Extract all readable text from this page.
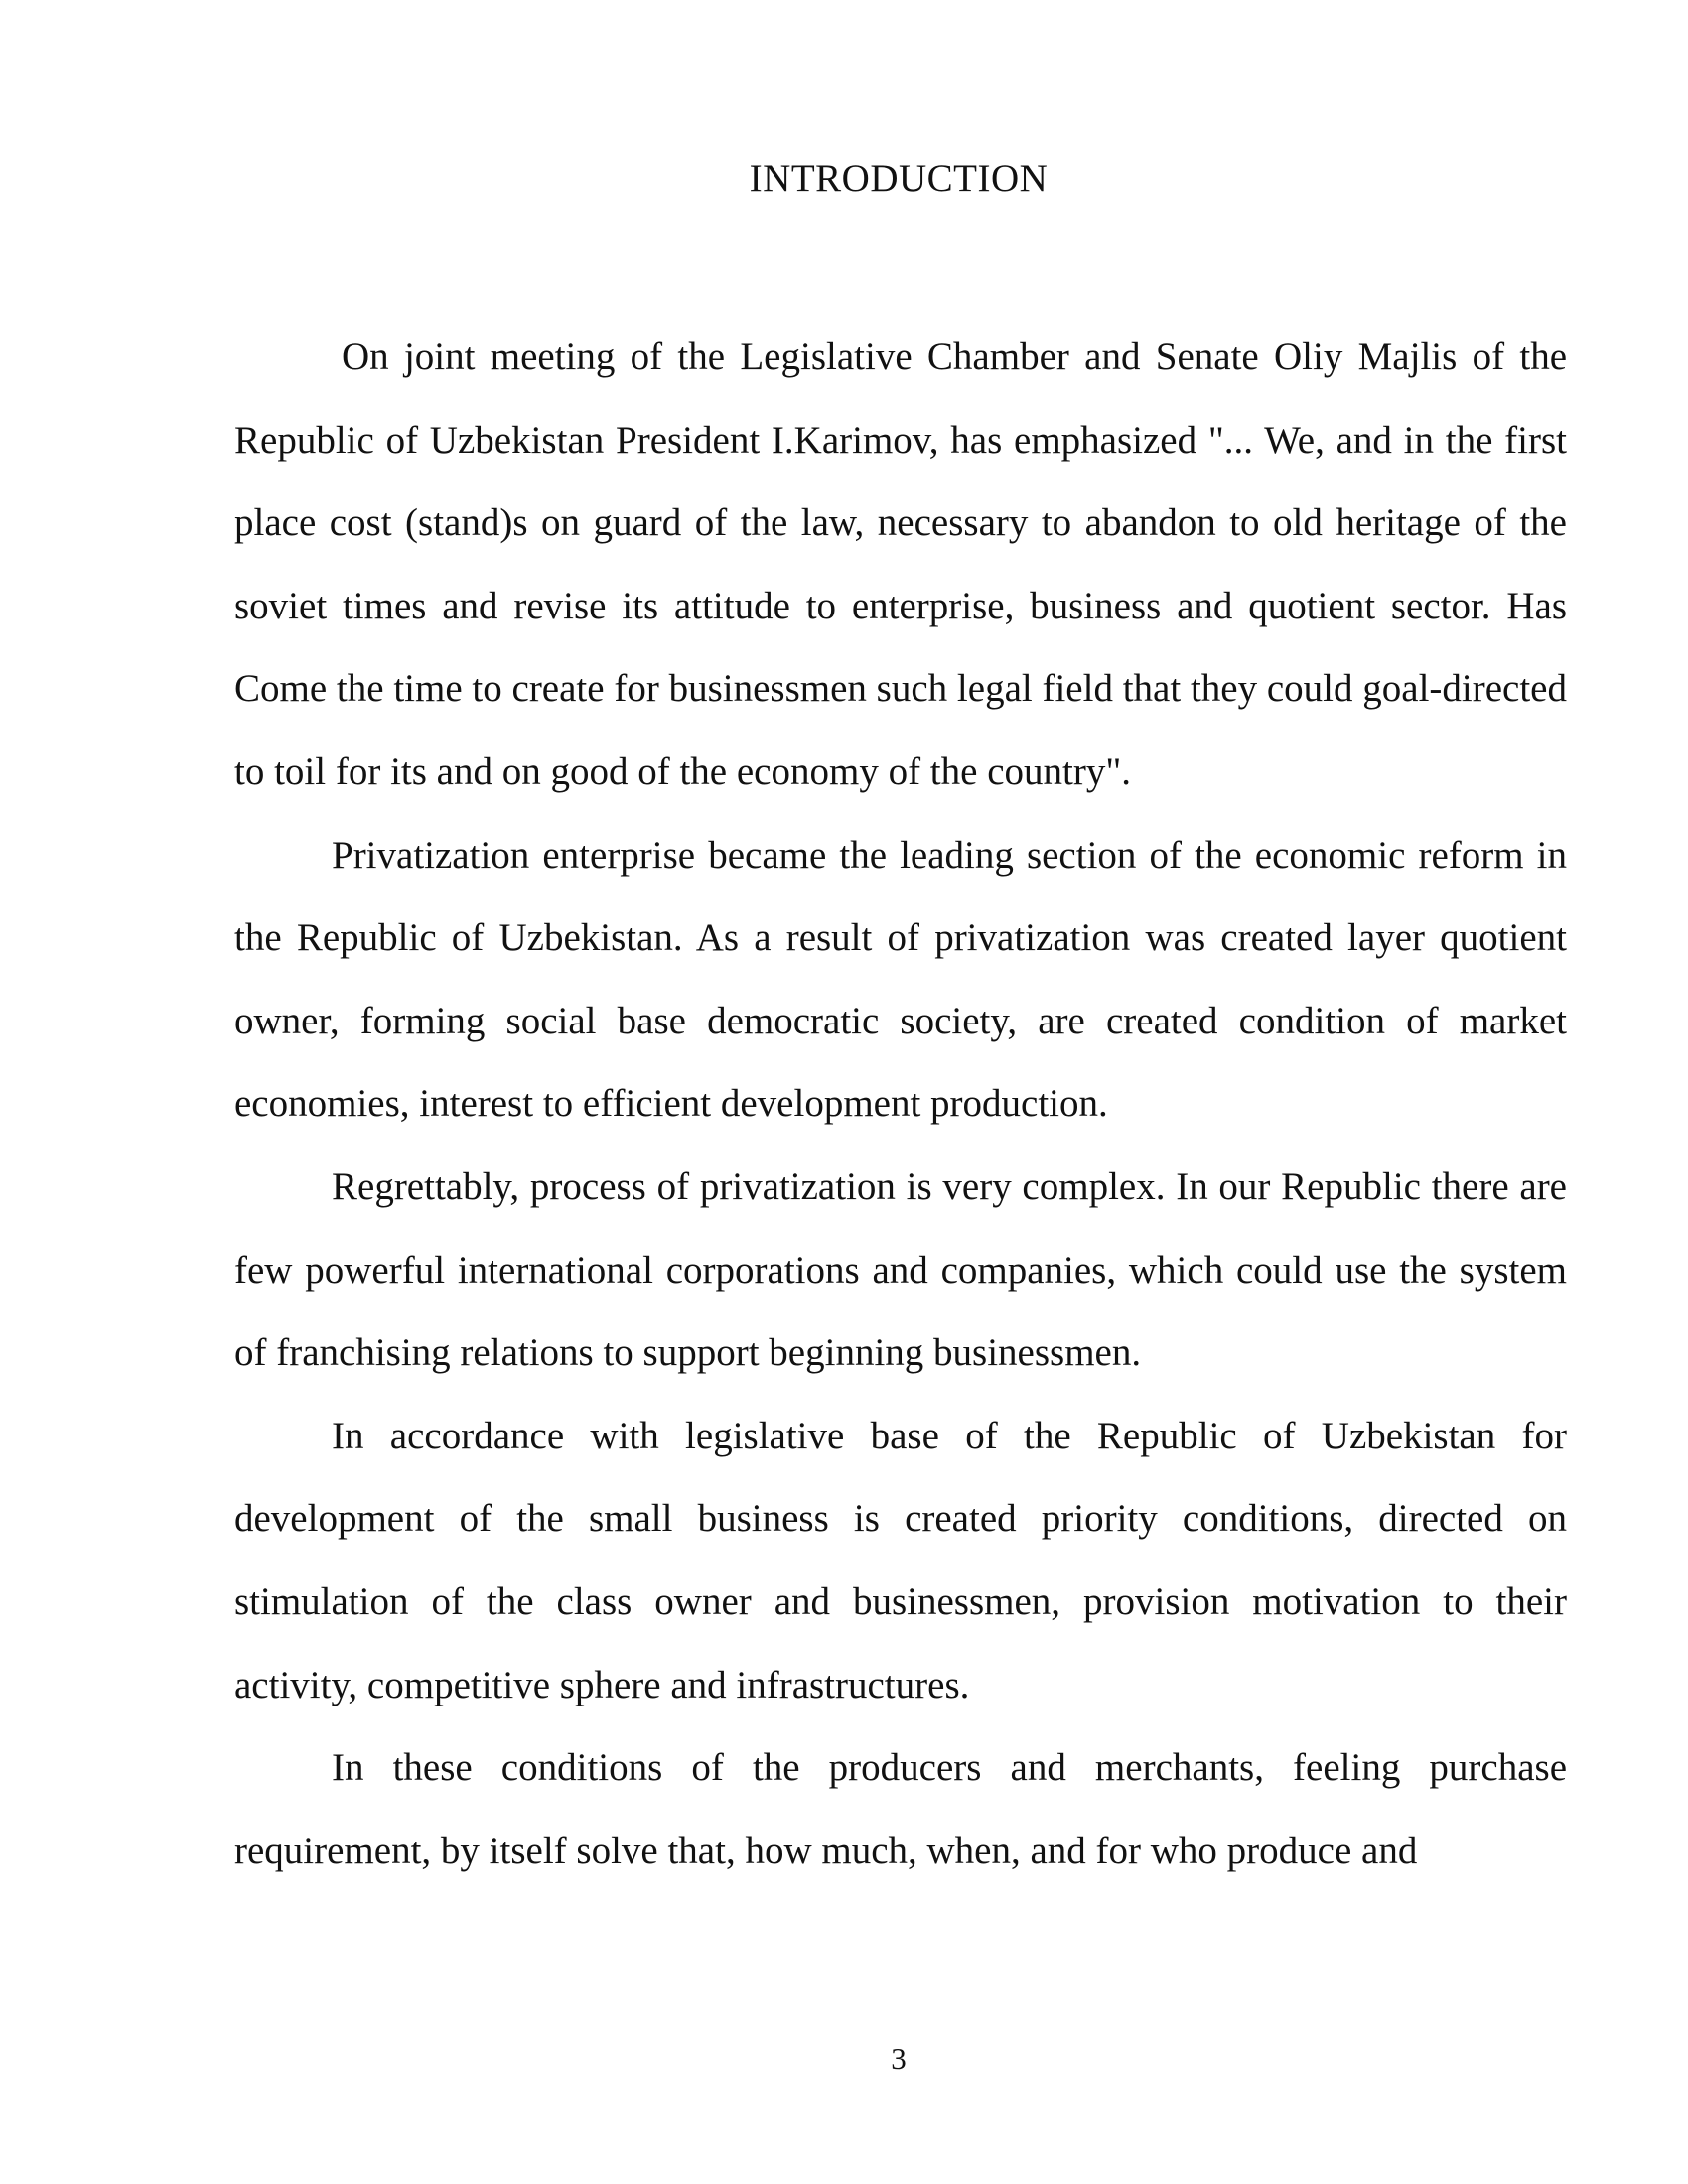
INTRODUCTION

On joint meeting of the Legislative Chamber and Senate Oliy Majlis of the Republic of Uzbekistan President I.Karimov, has emphasized "... We, and in the first place cost (stand)s on guard of the law, necessary to abandon to old heritage of the soviet times and revise its attitude to enterprise, business and quotient sector. Has Come the time to create for businessmen such legal field that they could goal-directed to toil for its and on good of the economy of the country".

Privatization enterprise became the leading section of the economic reform in the Republic of Uzbekistan. As a result of privatization was created layer quotient owner, forming social base democratic society, are created condition of market economies, interest to efficient development production.

Regrettably, process of privatization is very complex. In our Republic there are few powerful international corporations and companies, which could use the system of franchising relations to support beginning businessmen.

In accordance with legislative base of the Republic of Uzbekistan for development of the small business is created priority conditions, directed on stimulation of the class owner and businessmen, provision motivation to their activity, competitive sphere and infrastructures.

In these conditions of the producers and merchants, feeling purchase requirement, by itself solve that, how much, when, and for who produce and

3
